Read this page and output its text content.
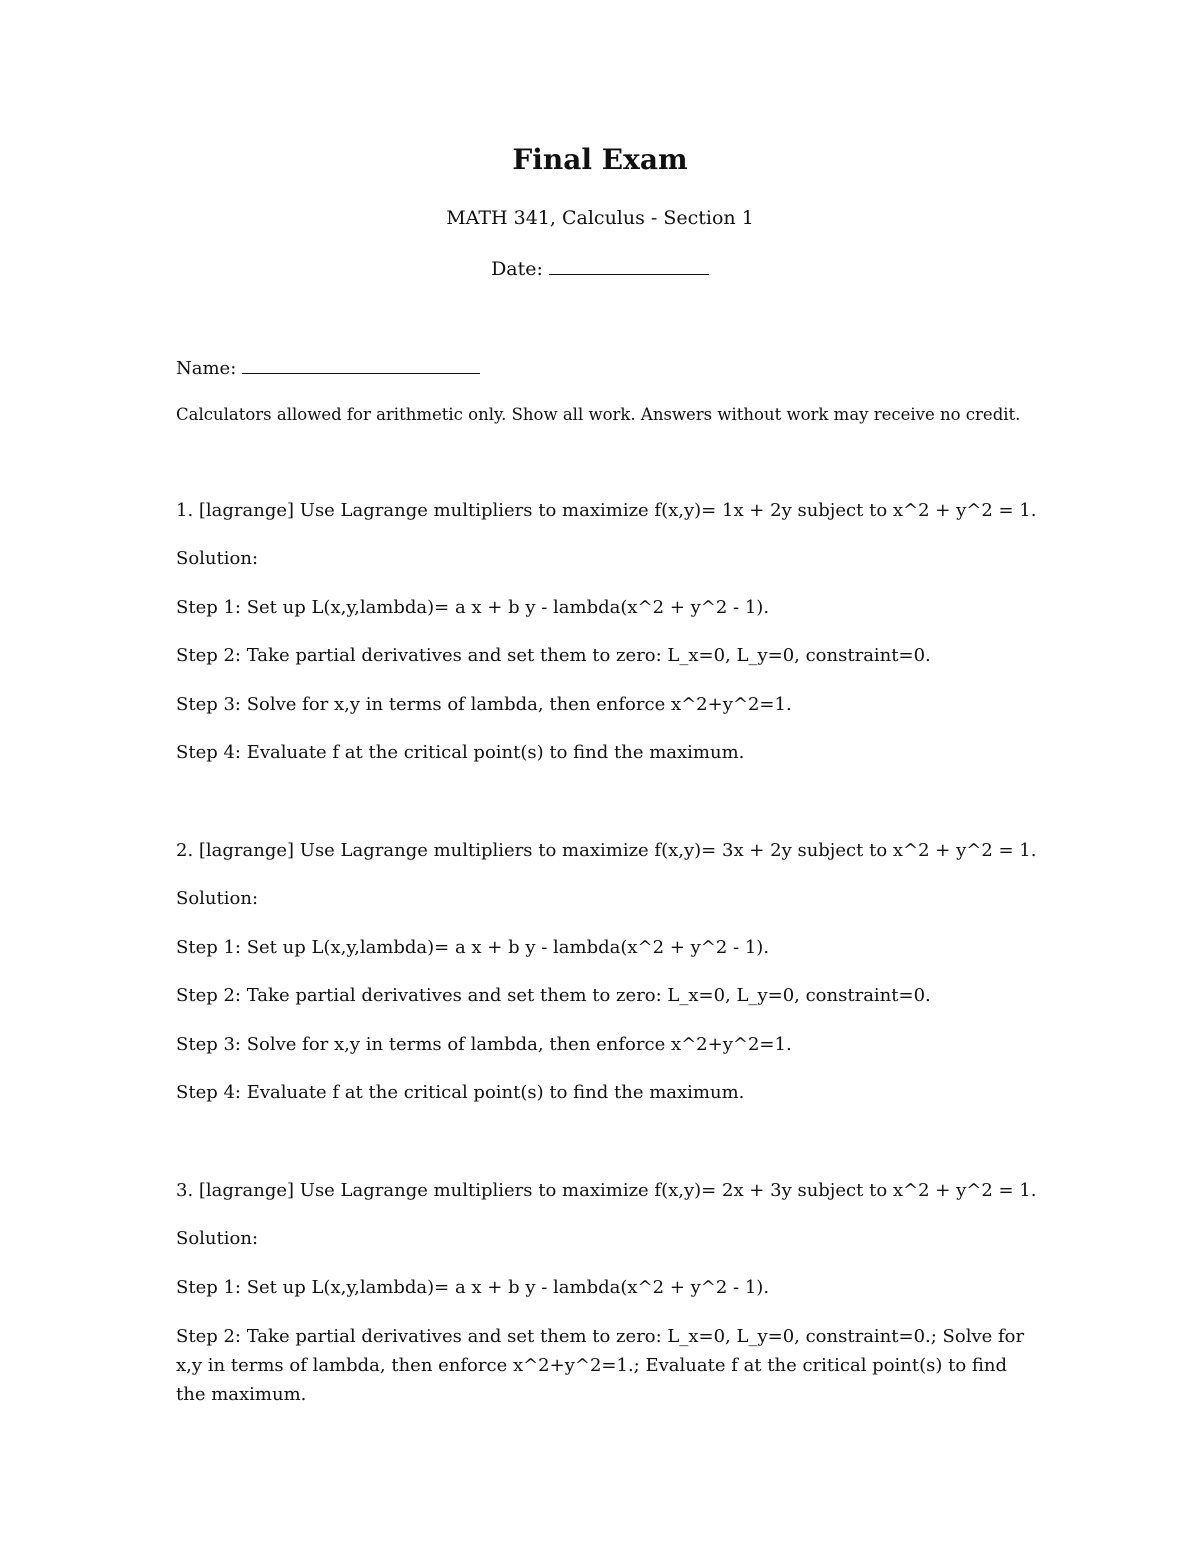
Final Exam
MATH 341, Calculus - Section 1
Date:
Name:
Calculators allowed for arithmetic only. Show all work. Answers without work may receive no credit.
1. [lagrange] Use Lagrange multipliers to maximize f(x,y)= 1x + 2y subject to x^2 + y^2 = 1.
Solution:
Step 1: Set up L(x,y,lambda)= a x + b y - lambda(x^2 + y^2 - 1).
Step 2: Take partial derivatives and set them to zero: L_x=0, L_y=0, constraint=0.
Step 3: Solve for x,y in terms of lambda, then enforce x^2+y^2=1.
Step 4: Evaluate f at the critical point(s) to find the maximum.
2. [lagrange] Use Lagrange multipliers to maximize f(x,y)= 3x + 2y subject to x^2 + y^2 = 1.
Solution:
Step 1: Set up L(x,y,lambda)= a x + b y - lambda(x^2 + y^2 - 1).
Step 2: Take partial derivatives and set them to zero: L_x=0, L_y=0, constraint=0.
Step 3: Solve for x,y in terms of lambda, then enforce x^2+y^2=1.
Step 4: Evaluate f at the critical point(s) to find the maximum.
3. [lagrange] Use Lagrange multipliers to maximize f(x,y)= 2x + 3y subject to x^2 + y^2 = 1.
Solution:
Step 1: Set up L(x,y,lambda)= a x + b y - lambda(x^2 + y^2 - 1).
Step 2: Take partial derivatives and set them to zero: L_x=0, L_y=0, constraint=0.; Solve for x,y in terms of lambda, then enforce x^2+y^2=1.; Evaluate f at the critical point(s) to find the maximum.
